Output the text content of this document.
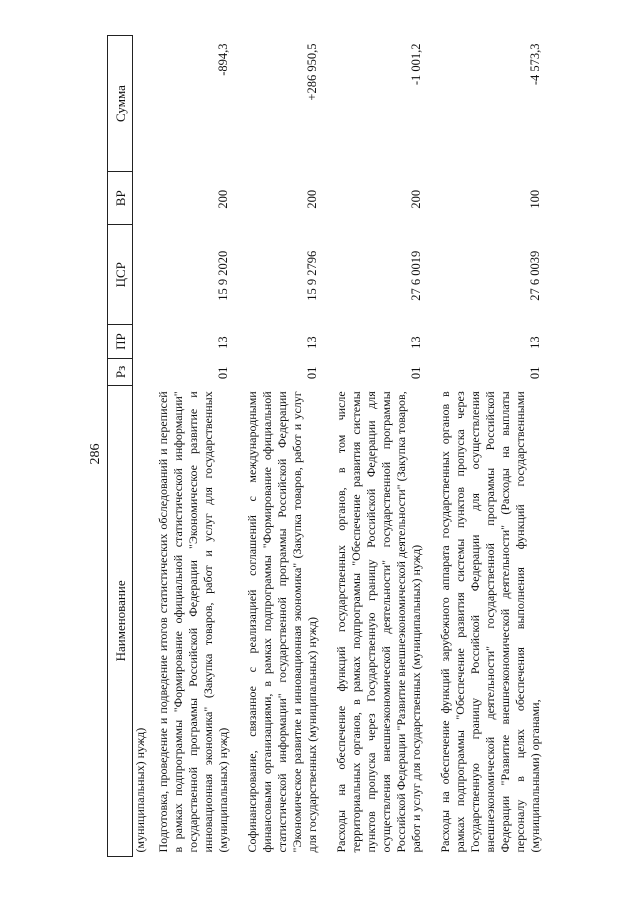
286
Наименование	Рз	ПР	ЦСР	ВР	Сумма
(муниципальных) нужд)					
Подготовка, проведение и подведение итогов статистических обследований и переписей в рамках подпрограммы "Формирование официальной статистической информации" государственной программы Российской Федерации "Экономическое развитие и инновационная экономика" (Закупка товаров, работ и услуг для государственных (муниципальных) нужд)	01	13	15 9 2020	200	-894,3
Софинансирование, связанное с реализацией соглашений с международными финансовыми организациями, в рамках подпрограммы "Формирование официальной статистической информации" государственной программы Российской Федерации "Экономическое развитие и инновационная экономика" (Закупка товаров, работ и услуг для государственных (муниципальных) нужд)	01	13	15 9 2796	200	+286 950,5
Расходы на обеспечение функций государственных органов, в том числе территориальных органов, в рамках подпрограммы "Обеспечение развития системы пунктов пропуска через Государственную границу Российской Федерации для осуществления внешнеэкономической деятельности" государственной программы Российской Федерации "Развитие внешнеэкономической деятельности" (Закупка товаров, работ и услуг для государственных (муниципальных) нужд)	01	13	27 6 0019	200	-1 001,2
Расходы на обеспечение функций зарубежного аппарата государственных органов в рамках подпрограммы "Обеспечение развития системы пунктов пропуска через Государственную границу Российской Федерации для осуществления внешнеэкономической деятельности" государственной программы Российской Федерации "Развитие внешнеэкономической деятельности" (Расходы на выплаты персоналу в целях обеспечения выполнения функций государственными (муниципальными) органами,	01	13	27 6 0039	100	-4 573,3
